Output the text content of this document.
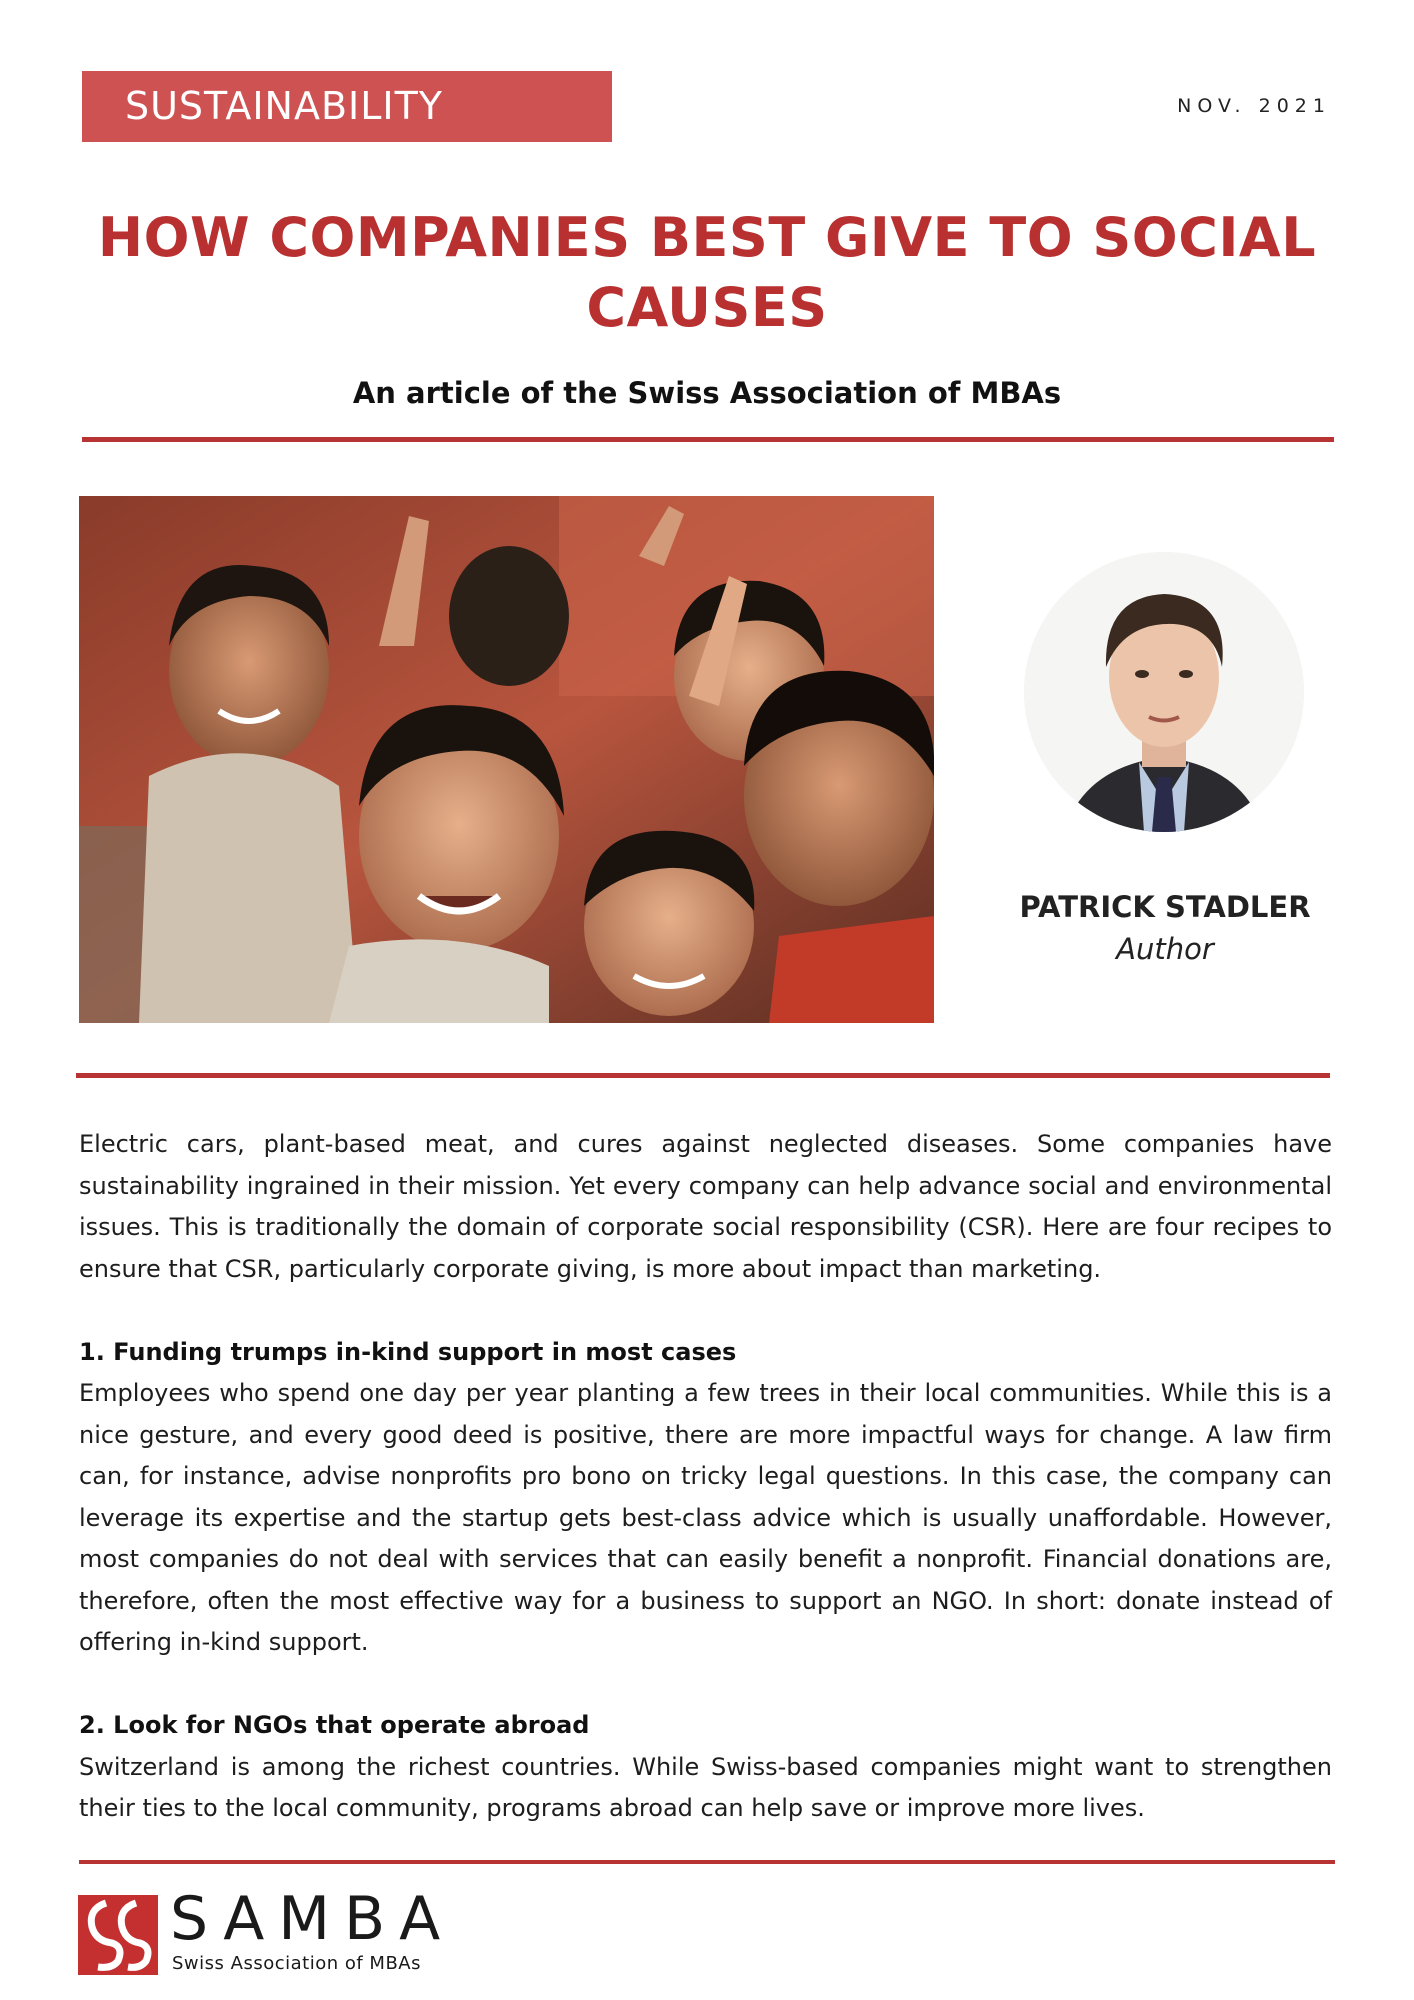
SUSTAINABILITY	NOV. 2021
HOW COMPANIES BEST GIVE TO SOCIAL CAUSES
An article of the Swiss Association of MBAs
PATRICK STADLER
Author

Electric cars, plant-based meat, and cures against neglected diseases. Some companies have sustainability ingrained in their mission. Yet every company can help advance social and environmental issues. This is traditionally the domain of corporate social responsibility (CSR). Here are four recipes to ensure that CSR, particularly corporate giving, is more about impact than marketing.

1. Funding trumps in-kind support in most cases

Employees who spend one day per year planting a few trees in their local communities. While this is a nice gesture, and every good deed is positive, there are more impactful ways for change. A law firm can, for instance, advise nonprofits pro bono on tricky legal questions. In this case, the company can leverage its expertise and the startup gets best-class advice which is usually unaffordable. However, most companies do not deal with services that can easily benefit a nonprofit. Financial donations are, therefore, often the most effective way for a business to support an NGO. In short: donate instead of offering in-kind support.

2. Look for NGOs that operate abroad

Switzerland is among the richest countries. While Swiss-based companies might want to strengthen their ties to the local community, programs abroad can help save or improve more lives.

SAMBA
Swiss Association of MBAs
